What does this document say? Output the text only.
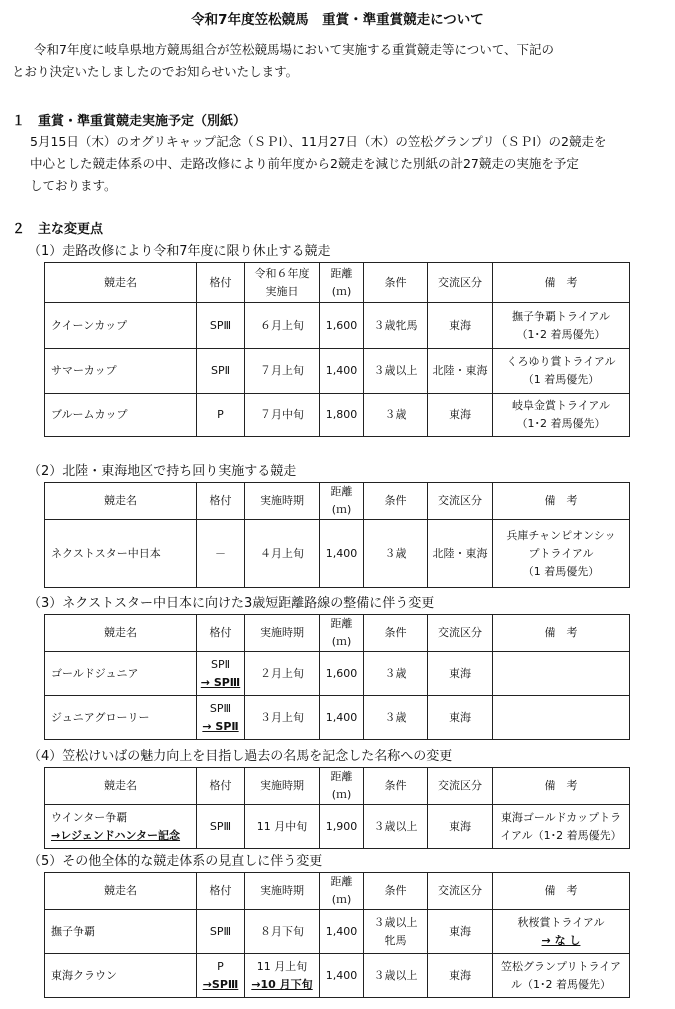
令和7年度笠松競馬　重賞・準重賞競走について
令和7年度に岐阜県地方競馬組合が笠松競馬場において実施する重賞競走等について、下記の
とおり決定いたしましたのでお知らせいたします。
１　重賞・準重賞競走実施予定（別紙）
5月15日（木）のオグリキャップ記念（ＳＰⅠ）、11月27日（木）の笠松グランプリ（ＳＰⅠ）の2競走を
中心とした競走体系の中、走路改修により前年度から2競走を減じた別紙の計27競走の実施を予定
しております。
２　主な変更点
（1）走路改修により令和7年度に限り休止する競走
競走名	格付	令和６年度
実施日	距離
(ｍ)	条件	交流区分	備　考
クイーンカップ	SPⅢ	６月上旬	1,600	３歳牝馬	東海	撫子争覇トライアル
（1･2 着馬優先）
サマーカップ	SPⅡ	７月上旬	1,400	３歳以上	北陸・東海	くろゆり賞トライアル
（1 着馬優先）
ブルームカップ	P	７月中旬	1,800	３歳	東海	岐阜金賞トライアル
（1･2 着馬優先）
（2）北陸・東海地区で持ち回り実施する競走
競走名	格付	実施時期	距離(ｍ)	条件	交流区分	備　考
ネクストスター中日本	－	４月上旬	1,400	３歳	北陸・東海	兵庫チャンピオンシッ
プトライアル
（1 着馬優先）
（3）ネクストスター中日本に向けた3歳短距離路線の整備に伴う変更
競走名	格付	実施時期	距離(ｍ)	条件	交流区分	備　考
ゴールドジュニア	SPⅡ
→ SPⅢ	２月上旬	1,600	３歳	東海	
ジュニアグローリー	SPⅢ
→ SPⅡ	３月上旬	1,400	３歳	東海	
（4）笠松けいばの魅力向上を目指し過去の名馬を記念した名称への変更
競走名	格付	実施時期	距離(ｍ)	条件	交流区分	備　考
ウインター争覇
→レジェンドハンター記念	SPⅢ	11 月中旬	1,900	３歳以上	東海	東海ゴールドカップトラ
イアル（1･2 着馬優先）
（5）その他全体的な競走体系の見直しに伴う変更
競走名	格付	実施時期	距離(ｍ)	条件	交流区分	備　考
撫子争覇	SPⅢ	８月下旬	1,400	３歳以上
牝馬	東海	秋桜賞トライアル
→ な し
東海クラウン	P
→SPⅢ	11 月上旬
→10 月下旬	1,400	３歳以上	東海	笠松グランプリトライア
ル（1･2 着馬優先）
